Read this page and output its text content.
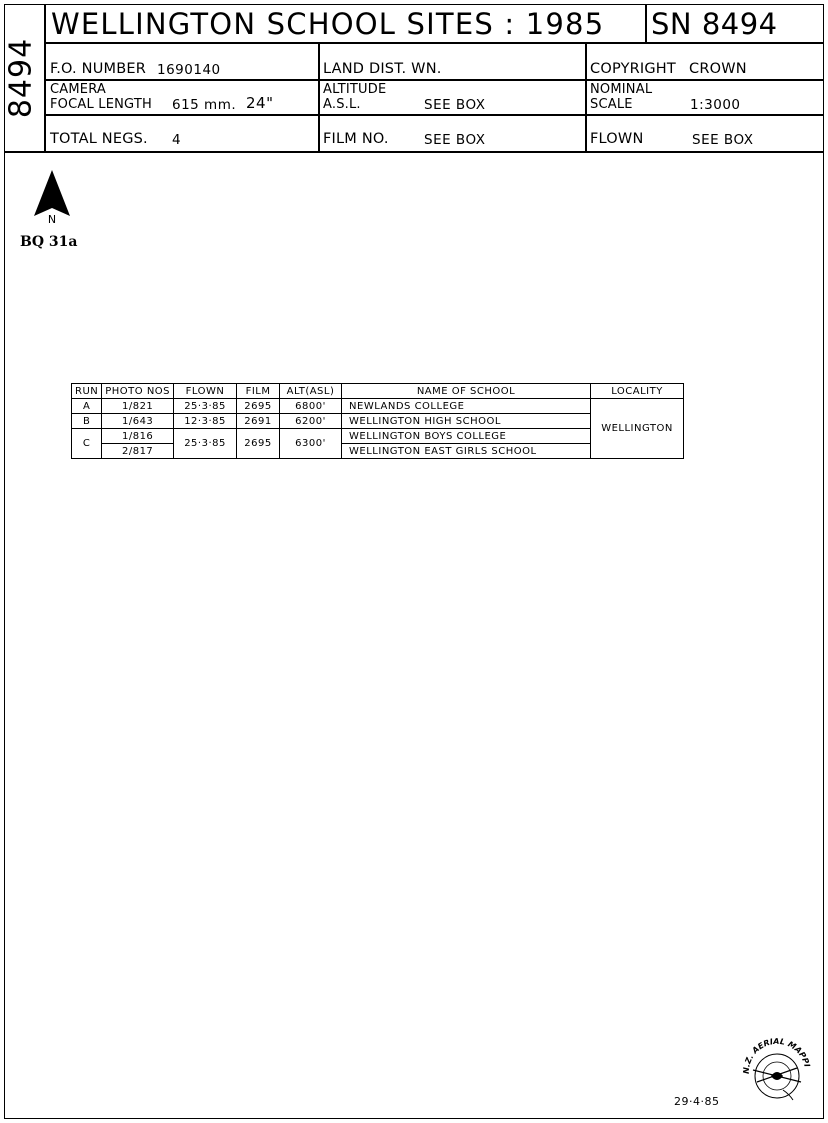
8494
WELLINGTON SCHOOL SITES : 1985 SN 8494
F.O. NUMBER 1690140	LAND DIST. WN.	COPYRIGHT CROWN
CAMERA
FOCAL LENGTH 615 mm. 24"
ALTITUDE
A.S.L.	SEE BOX
NOMINAL
SCALE	1:3000
TOTAL NEGS. 4	FILM NO.	SEE BOX	FLOWN	SEE BOX
N
BQ 31a
RUN	PHOTO NOS	FLOWN	FILM	ALT(ASL)	NAME OF SCHOOL	LOCALITY
A	1/821	25·3·85	2695	6800'	NEWLANDS COLLEGE	WELLINGTON
B	1/643	12·3·85	2691	6200'	WELLINGTON HIGH SCHOOL	
C	1/816	25·3·85	2695	6300'	WELLINGTON BOYS COLLEGE	
	2/817				WELLINGTON EAST GIRLS SCHOOL	
N.Z. AERIAL MAPPI
29·4·85
